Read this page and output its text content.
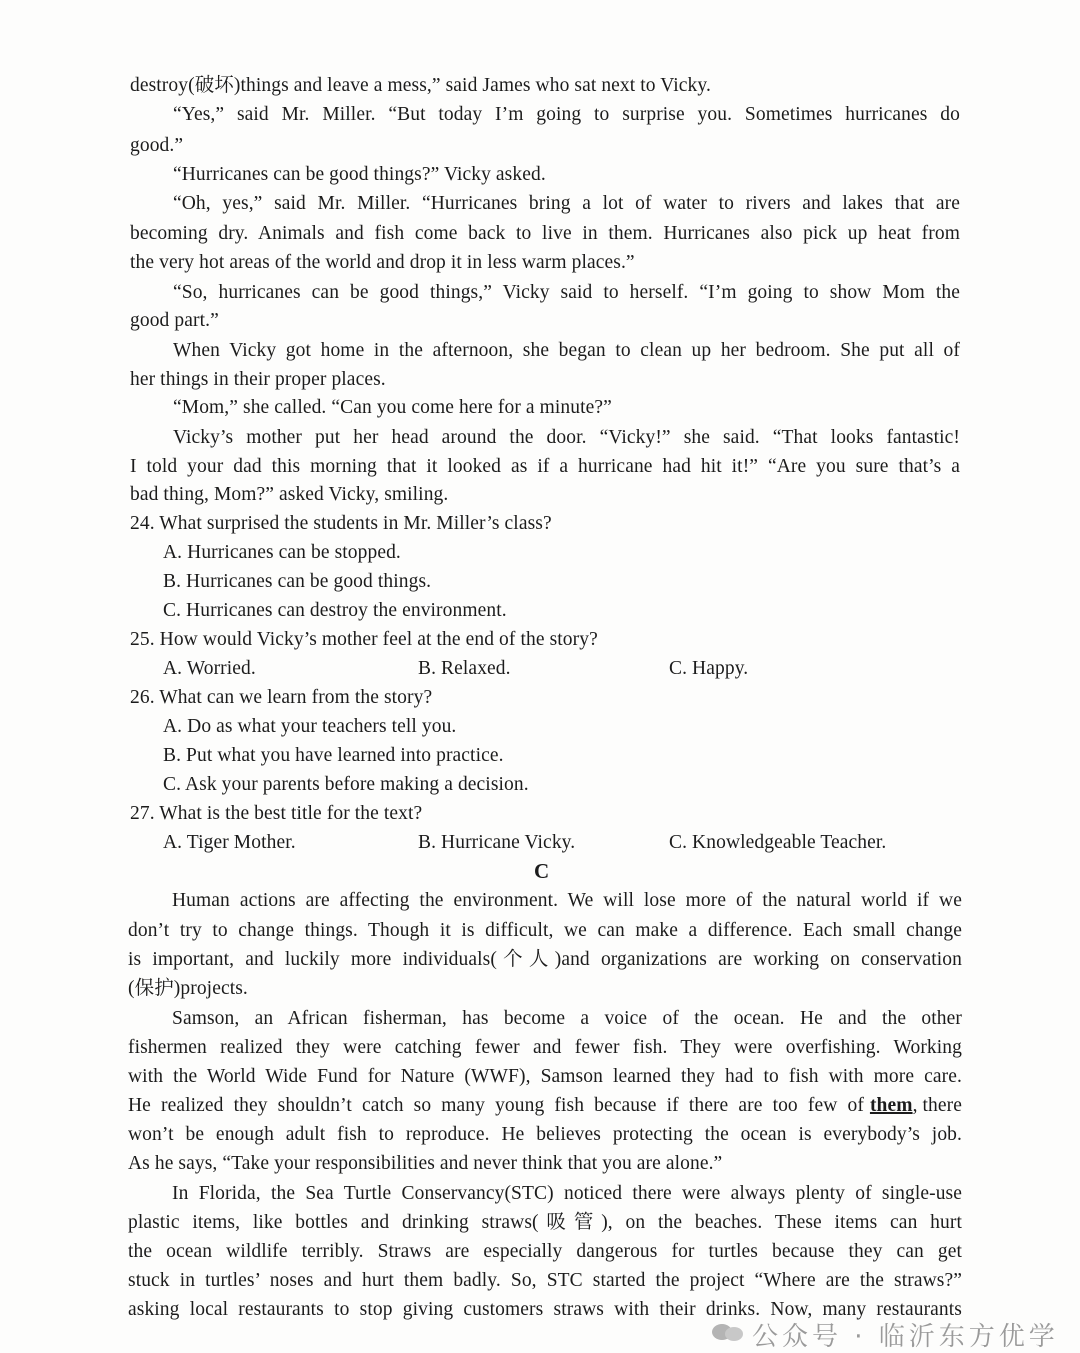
destroy(破坏)things and leave a mess,” said James who sat next to Vicky.
“Yes,” said Mr. Miller. “But today I’m going to surprise you. Sometimes hurricanes do
good.”
“Hurricanes can be good things?” Vicky asked.
“Oh, yes,” said Mr. Miller. “Hurricanes bring a lot of water to rivers and lakes that are
becoming dry. Animals and fish come back to live in them. Hurricanes also pick up heat from
the very hot areas of the world and drop it in less warm places.”
“So, hurricanes can be good things,” Vicky said to herself. “I’m going to show Mom the
good part.”
When Vicky got home in the afternoon, she began to clean up her bedroom. She put all of
her things in their proper places.
“Mom,” she called. “Can you come here for a minute?”
Vicky’s mother put her head around the door. “Vicky!” she said. “That looks fantastic!
I told your dad this morning that it looked as if a hurricane had hit it!” “Are you sure that’s a
bad thing, Mom?” asked Vicky, smiling.
24. What surprised the students in Mr. Miller’s class?
A. Hurricanes can be stopped.
B. Hurricanes can be good things.
C. Hurricanes can destroy the environment.
25. How would Vicky’s mother feel at the end of the story?
A. Worried.	B. Relaxed.	C. Happy.
26. What can we learn from the story?
A. Do as what your teachers tell you.
B. Put what you have learned into practice.
C. Ask your parents before making a decision.
27. What is the best title for the text?
A. Tiger Mother.	B. Hurricane Vicky.	C. Knowledgeable Teacher.
C
Human actions are affecting the environment. We will lose more of the natural world if we
don’t try to change things. Though it is difficult, we can make a difference. Each small change
is important, and luckily more individuals(个人)and organizations are working on conservation
(保护)projects.
Samson, an African fisherman, has become a voice of the ocean. He and the other
fishermen realized they were catching fewer and fewer fish. They were overfishing. Working
with the World Wide Fund for Nature (WWF), Samson learned they had to fish with more care.
He realized they shouldn’t catch so many young fish because if there are too few of them , there
won’t be enough adult fish to reproduce. He believes protecting the ocean is everybody’s job.
As he says, “Take your responsibilities and never think that you are alone.”
In Florida, the Sea Turtle Conservancy(STC) noticed there were always plenty of single-use
plastic items, like bottles and drinking straws(吸管), on the beaches. These items can hurt
the ocean wildlife terribly. Straws are especially dangerous for turtles because they can get
stuck in turtles’ noses and hurt them badly. So, STC started the project “Where are the straws?”
asking local restaurants to stop giving customers straws with their drinks. Now, many restaurants
公众号 · 临沂东方优学
